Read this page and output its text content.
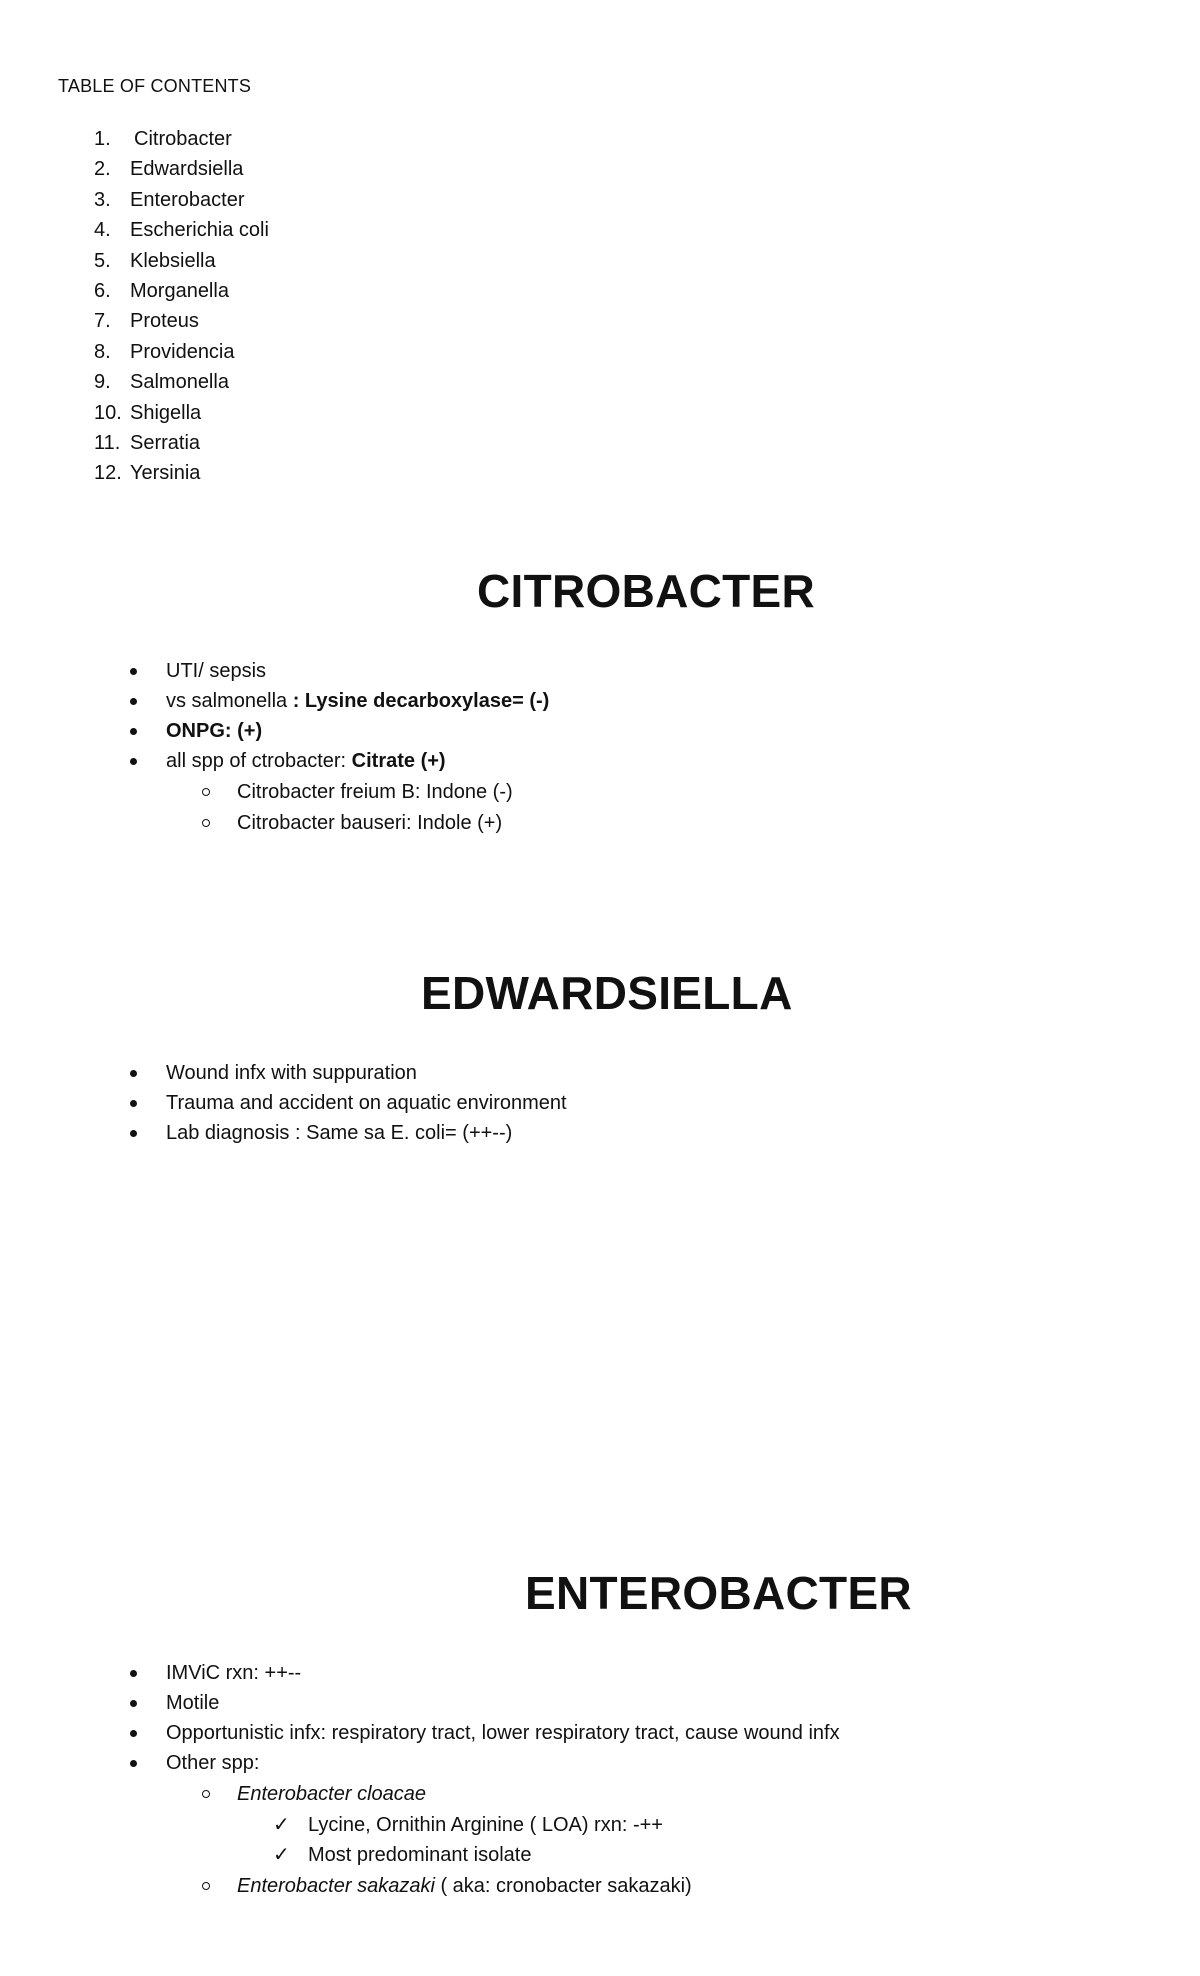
TABLE OF CONTENTS
1.	Citrobacter
2. Edwardsiella
3. Enterobacter
4. Escherichia coli
5. Klebsiella
6. Morganella
7. Proteus
8. Providencia
9. Salmonella
10. Shigella
11. Serratia
12. Yersinia
CITROBACTER
UTI/ sepsis
vs salmonella : Lysine decarboxylase= (-)
ONPG: (+)
all spp of ctrobacter: Citrate (+)
Citrobacter freium B: Indone (-)
Citrobacter bauseri: Indole (+)
EDWARDSIELLA
Wound infx with suppuration
Trauma and accident on aquatic environment
Lab diagnosis : Same sa E. coli= (++--)
ENTEROBACTER
IMViC rxn: ++--
Motile
Opportunistic infx: respiratory tract, lower respiratory tract, cause wound infx
Other spp:
Enterobacter cloacae
✓ Lycine, Ornithin Arginine ( LOA) rxn: -++
✓ Most predominant isolate
Enterobacter sakazaki ( aka: cronobacter sakazaki)
